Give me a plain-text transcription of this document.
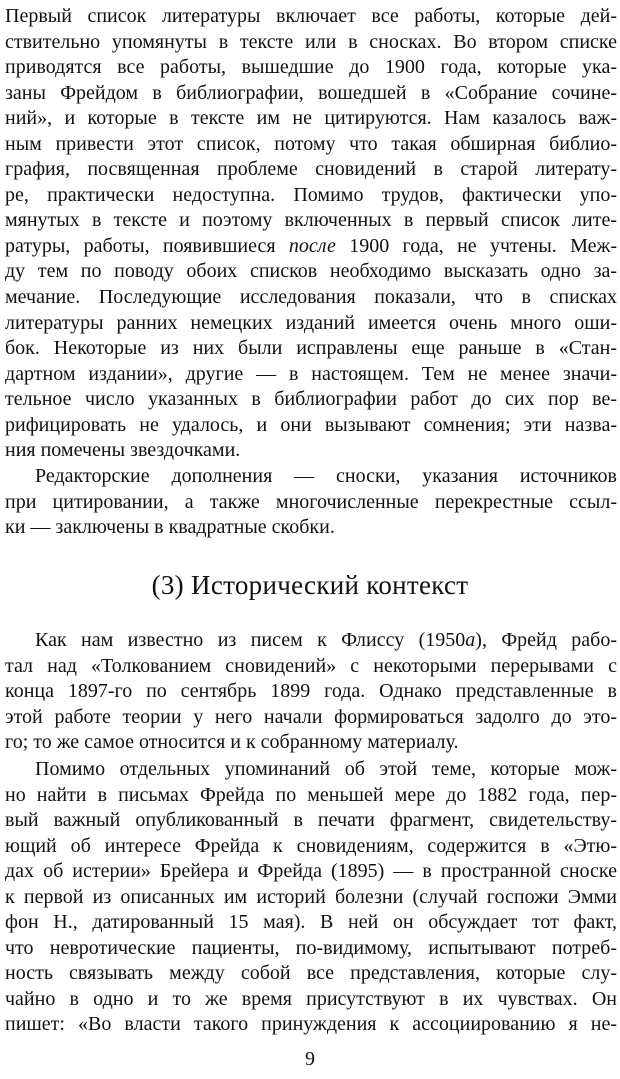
Первый список литературы включает все работы, которые дей-
ствительно упомянуты в тексте или в сносках. Во втором списке
приводятся все работы, вышедшие до 1900 года, которые ука-
заны Фрейдом в библиографии, вошедшей в «Собрание сочине-
ний», и которые в тексте им не цитируются. Нам казалось важ-
ным привести этот список, потому что такая обширная библио-
графия, посвященная проблеме сновидений в старой литерату-
ре, практически недоступна. Помимо трудов, фактически упо-
мянутых в тексте и поэтому включенных в первый список лите-
ратуры, работы, появившиеся после 1900 года, не учтены. Меж-
ду тем по поводу обоих списков необходимо высказать одно за-
мечание. Последующие исследования показали, что в списках
литературы ранних немецких изданий имеется очень много оши-
бок. Некоторые из них были исправлены еще раньше в «Стан-
дартном издании», другие — в настоящем. Тем не менее значи-
тельное число указанных в библиографии работ до сих пор ве-
рифицировать не удалось, и они вызывают сомнения; эти назва-
ния помечены звездочками.
Редакторские дополнения — сноски, указания источников
при цитировании, а также многочисленные перекрестные ссыл-
ки — заключены в квадратные скобки.
(3) Исторический контекст
Как нам известно из писем к Флиссу (1950a), Фрейд рабо-
тал над «Толкованием сновидений» с некоторыми перерывами с
конца 1897-го по сентябрь 1899 года. Однако представленные в
этой работе теории у него начали формироваться задолго до это-
го; то же самое относится и к собранному материалу.
Помимо отдельных упоминаний об этой теме, которые мож-
но найти в письмах Фрейда по меньшей мере до 1882 года, пер-
вый важный опубликованный в печати фрагмент, свидетельству-
ющий об интересе Фрейда к сновидениям, содержится в «Этю-
дах об истерии» Брейера и Фрейда (1895) — в пространной сноске
к первой из описанных им историй болезни (случай госпожи Эмми
фон Н., датированный 15 мая). В ней он обсуждает тот факт,
что невротические пациенты, по-видимому, испытывают потреб-
ность связывать между собой все представления, которые слу-
чайно в одно и то же время присутствуют в их чувствах. Он
пишет: «Во власти такого принуждения к ассоциированию я не-
9
